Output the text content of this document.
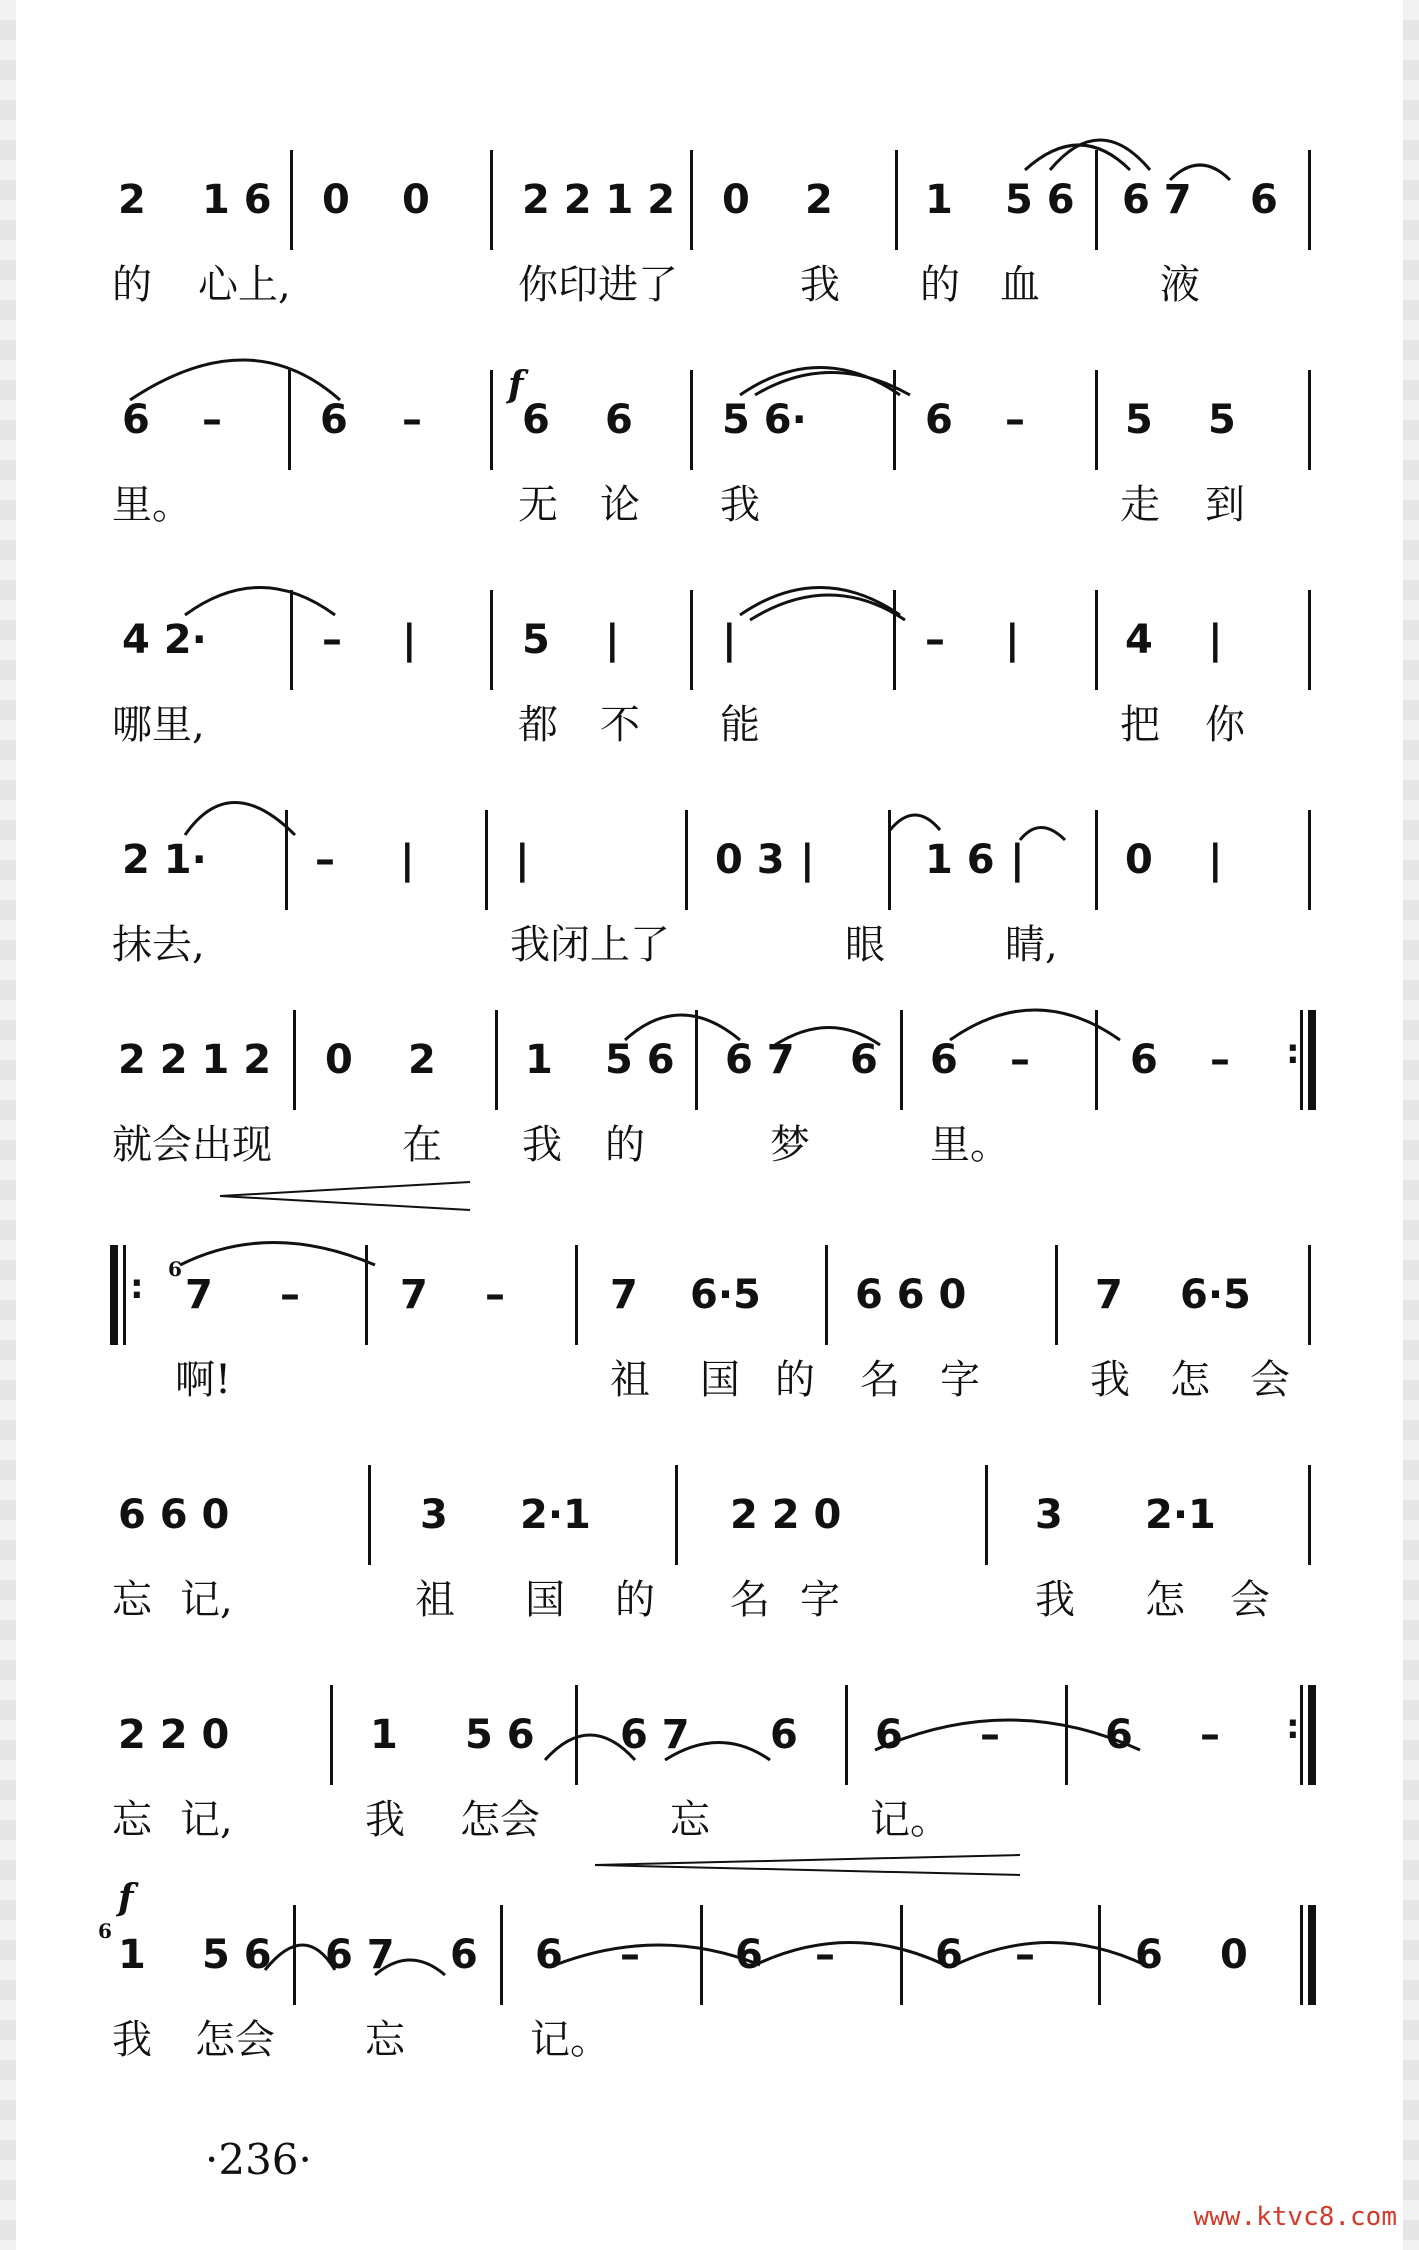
2 1 6 0 0 2 2 1 2 0 2 1 5 6 6 7 6
的 心上,	你印进了	我 的 血	液
f
6 – 6 –	6 6 5 6·	6 –	5 5
里。	无 论 我	走 到
4 2·	– |	5 |	|	– |	4 |
哪里,	都 不 能	把 你
2 1·	– |	|	0 3 |	1 6 |	0 |
抹去,	我闭上了	眼	睛,
2 2 1 2 0 2 1 5 6 6 7 6 6 –	6 – :
就会出现	在 我 的	梦	里。
: 6
7 –	7 –	7 6·5 6 6 0	7 6·5
啊!	祖 国 的 名 字	我 怎 会
6 6 0	3 2·1	2 2 0	3 2·1
忘 记,	祖 国 的 名 字	我 怎 会
2 2 0	1 5 6 6 7 6 6 –	6 – :
忘 记,	我 怎会	忘	记。
f
6
1 5 6 6 7 6 6 – 6 –	6 –	6 0
我 怎会 忘	记。
·236·
www.ktvc8.com
